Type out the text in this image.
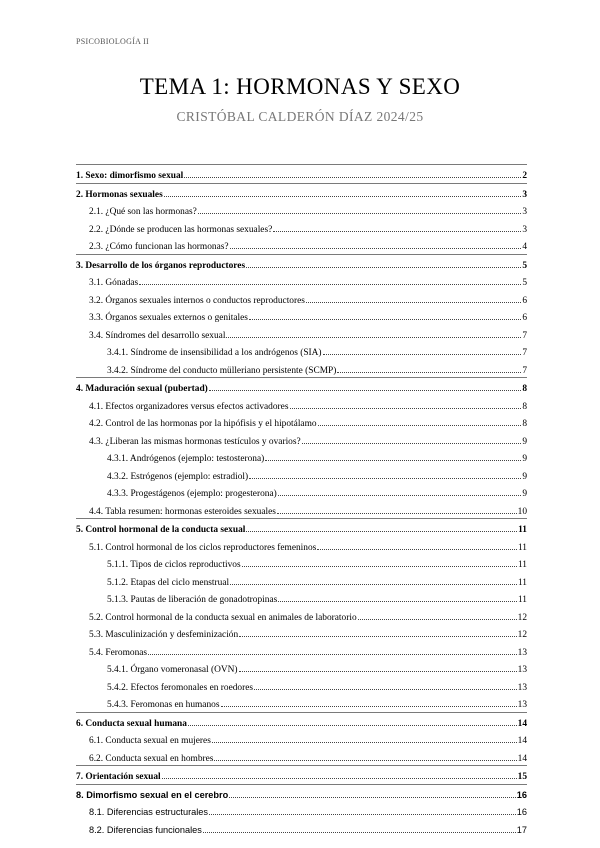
PSICOBIOLOGÍA II
TEMA 1: HORMONAS Y SEXO
CRISTÓBAL CALDERÓN DÍAZ 2024/25
1. Sexo: dimorfismo sexual	2
2. Hormonas sexuales	3
2.1. ¿Qué son las hormonas?	3
2.2. ¿Dónde se producen las hormonas sexuales?	3
2.3. ¿Cómo funcionan las hormonas?	4
3. Desarrollo de los órganos reproductores	5
3.1. Gónadas	5
3.2. Órganos sexuales internos o conductos reproductores	6
3.3. Órganos sexuales externos o genitales	6
3.4. Síndromes del desarrollo sexual	7
3.4.1. Síndrome de insensibilidad a los andrógenos (SIA)	7
3.4.2. Síndrome del conducto mülleriano persistente (SCMP)	7
4. Maduración sexual (pubertad)	8
4.1. Efectos organizadores versus efectos activadores	8
4.2. Control de las hormonas por la hipófisis y el hipotálamo	8
4.3. ¿Liberan las mismas hormonas testículos y ovarios?	9
4.3.1. Andrógenos (ejemplo: testosterona)	9
4.3.2. Estrógenos (ejemplo: estradiol)	9
4.3.3. Progestágenos (ejemplo: progesterona)	9
4.4. Tabla resumen: hormonas esteroides sexuales	10
5. Control hormonal de la conducta sexual	11
5.1. Control hormonal de los ciclos reproductores femeninos	11
5.1.1. Tipos de ciclos reproductivos	11
5.1.2. Etapas del ciclo menstrual	11
5.1.3. Pautas de liberación de gonadotropinas	11
5.2. Control hormonal de la conducta sexual en animales de laboratorio	12
5.3. Masculinización y desfeminización	12
5.4. Feromonas	13
5.4.1. Órgano vomeronasal (OVN)	13
5.4.2. Efectos feromonales en roedores	13
5.4.3. Feromonas en humanos	13
6. Conducta sexual humana	14
6.1. Conducta sexual en mujeres	14
6.2. Conducta sexual en hombres	14
7. Orientación sexual	15
8. Dimorfismo sexual en el cerebro	16
8.1. Diferencias estructurales	16
8.2. Diferencias funcionales	17
